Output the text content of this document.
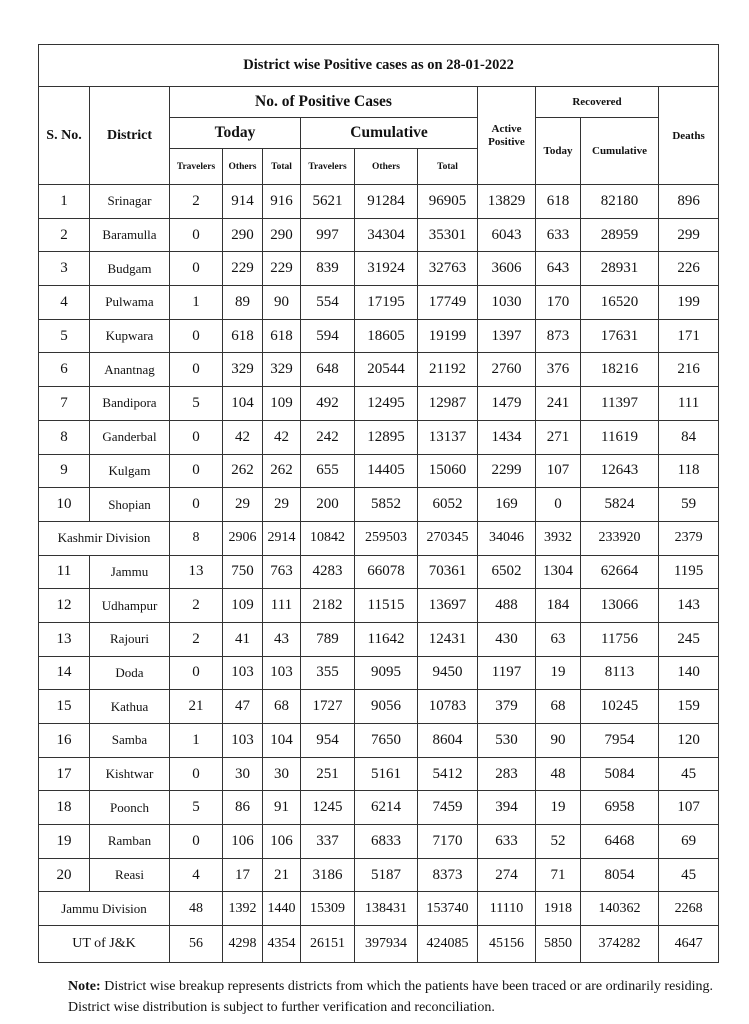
District wise Positive cases as on 28-01-2022											
S. No.	District	No. of Positive Cases						Active Positive	Recovered		Deaths
		Today			Cumulative				Today	Cumulative	
		Travelers	Others	Total	Travelers	Others	Total				
1	Srinagar	2	914	916	5621	91284	96905	13829	618	82180	896
2	Baramulla	0	290	290	997	34304	35301	6043	633	28959	299
3	Budgam	0	229	229	839	31924	32763	3606	643	28931	226
4	Pulwama	1	89	90	554	17195	17749	1030	170	16520	199
5	Kupwara	0	618	618	594	18605	19199	1397	873	17631	171
6	Anantnag	0	329	329	648	20544	21192	2760	376	18216	216
7	Bandipora	5	104	109	492	12495	12987	1479	241	11397	111
8	Ganderbal	0	42	42	242	12895	13137	1434	271	11619	84
9	Kulgam	0	262	262	655	14405	15060	2299	107	12643	118
10	Shopian	0	29	29	200	5852	6052	169	0	5824	59
Kashmir Division		8	2906	2914	10842	259503	270345	34046	3932	233920	2379
11	Jammu	13	750	763	4283	66078	70361	6502	1304	62664	1195
12	Udhampur	2	109	111	2182	11515	13697	488	184	13066	143
13	Rajouri	2	41	43	789	11642	12431	430	63	11756	245
14	Doda	0	103	103	355	9095	9450	1197	19	8113	140
15	Kathua	21	47	68	1727	9056	10783	379	68	10245	159
16	Samba	1	103	104	954	7650	8604	530	90	7954	120
17	Kishtwar	0	30	30	251	5161	5412	283	48	5084	45
18	Poonch	5	86	91	1245	6214	7459	394	19	6958	107
19	Ramban	0	106	106	337	6833	7170	633	52	6468	69
20	Reasi	4	17	21	3186	5187	8373	274	71	8054	45
Jammu Division		48	1392	1440	15309	138431	153740	11110	1918	140362	2268
UT of J&K		56	4298	4354	26151	397934	424085	45156	5850	374282	4647
Note: District wise breakup represents districts from which the patients have been traced or are ordinarily residing. District wise distribution is subject to further verification and reconciliation.
